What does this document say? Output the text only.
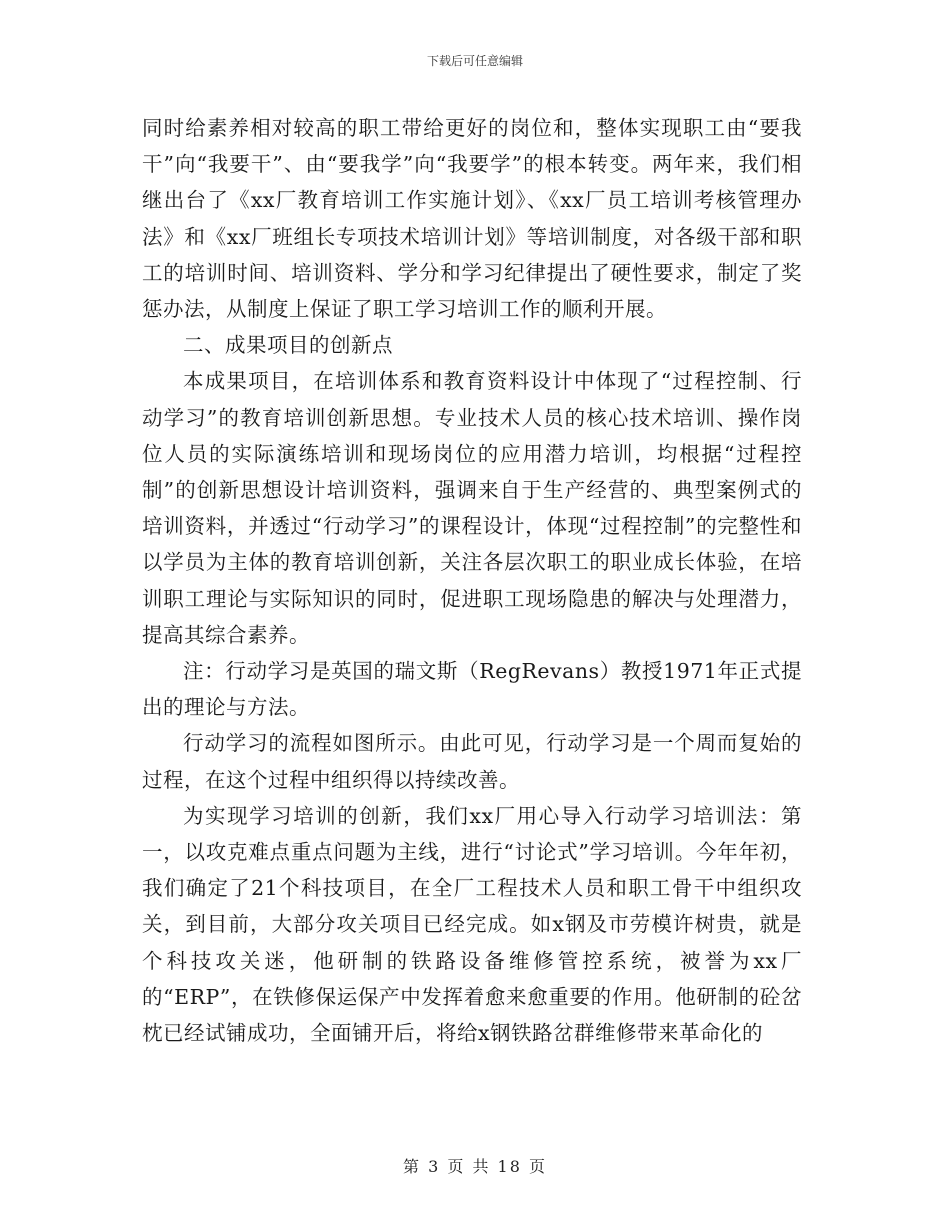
下载后可任意编辑

同时给素养相对较高的职工带给更好的岗位和，整体实现职工由“要我干”向“我要干”、由“要我学”向“我要学”的根本转变。两年来，我们相继出台了《xx厂教育培训工作实施计划》、《xx厂员工培训考核管理办法》和《xx厂班组长专项技术培训计划》等培训制度，对各级干部和职工的培训时间、培训资料、学分和学习纪律提出了硬性要求，制定了奖惩办法，从制度上保证了职工学习培训工作的顺利开展。

二、成果项目的创新点

本成果项目，在培训体系和教育资料设计中体现了“过程控制、行动学习”的教育培训创新思想。专业技术人员的核心技术培训、操作岗位人员的实际演练培训和现场岗位的应用潜力培训，均根据“过程控制”的创新思想设计培训资料，强调来自于生产经营的、典型案例式的培训资料，并透过“行动学习”的课程设计，体现“过程控制”的完整性和以学员为主体的教育培训创新，关注各层次职工的职业成长体验，在培训职工理论与实际知识的同时，促进职工现场隐患的解决与处理潜力，提高其综合素养。

注：行动学习是英国的瑞文斯（RegRevans）教授1971年正式提出的理论与方法。

行动学习的流程如图所示。由此可见，行动学习是一个周而复始的过程，在这个过程中组织得以持续改善。

为实现学习培训的创新，我们xx厂用心导入行动学习培训法：第一，以攻克难点重点问题为主线，进行“讨论式”学习培训。今年年初，我们确定了21个科技项目，在全厂工程技术人员和职工骨干中组织攻关，到目前，大部分攻关项目已经完成。如x钢及市劳模许树贵，就是个科技攻关迷，他研制的铁路设备维修管控系统，被誉为xx厂的“ERP”，在铁修保运保产中发挥着愈来愈重要的作用。他研制的砼岔枕已经试铺成功，全面铺开后，将给x钢铁路岔群维修带来革命化的

第 3 页 共 18 页
